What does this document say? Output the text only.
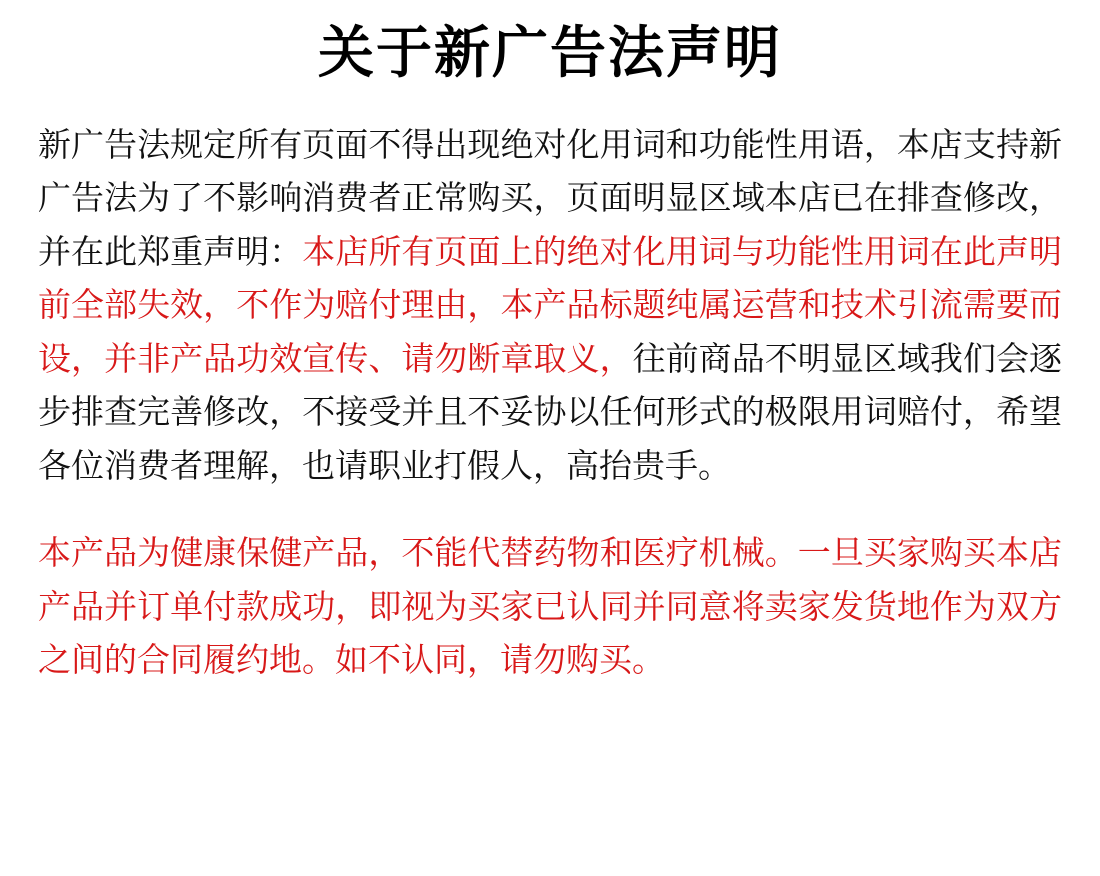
关于新广告法声明

新广告法规定所有页面不得出现绝对化用词和功能性用语，本店支持新广告法为了不影响消费者正常购买，页面明显区域本店已在排查修改，并在此郑重声明：本店所有页面上的绝对化用词与功能性用词在此声明前全部失效，不作为赔付理由，本产品标题纯属运营和技术引流需要而设，并非产品功效宣传、请勿断章取义，往前商品不明显区域我们会逐步排查完善修改，不接受并且不妥协以任何形式的极限用词赔付，希望各位消费者理解，也请职业打假人，高抬贵手。

本产品为健康保健产品，不能代替药物和医疗机械。一旦买家购买本店产品并订单付款成功，即视为买家已认同并同意将卖家发货地作为双方之间的合同履约地。如不认同，请勿购买。
